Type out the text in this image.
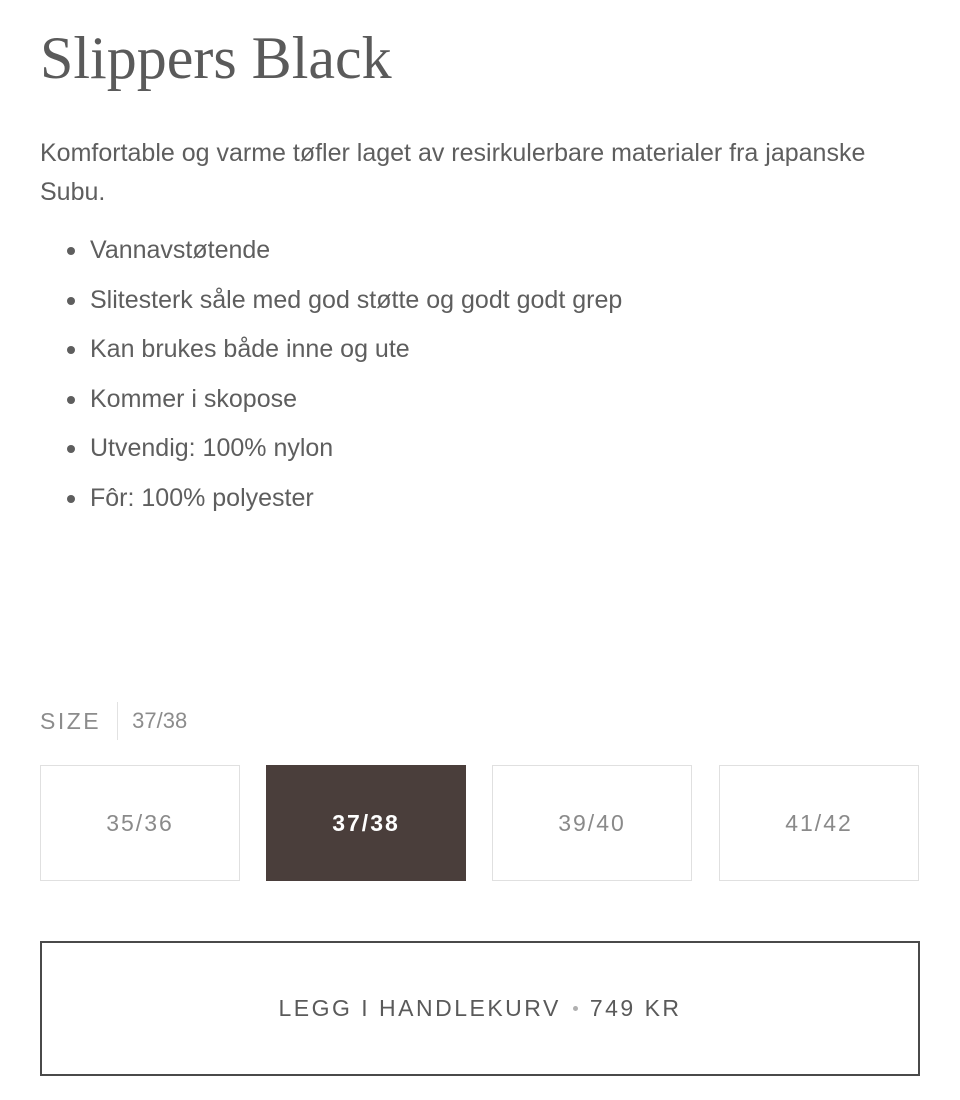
Slippers Black

Komfortable og varme tøfler laget av resirkulerbare materialer fra japanske Subu.

Vannavstøtende
Slitesterk såle med god støtte og godt godt grep
Kan brukes både inne og ute
Kommer i skopose
Utvendig: 100% nylon
Fôr: 100% polyester
SIZE	37/38
35/36	37/38	39/40	41/42
LEGG I HANDLEKURV 749 KR
